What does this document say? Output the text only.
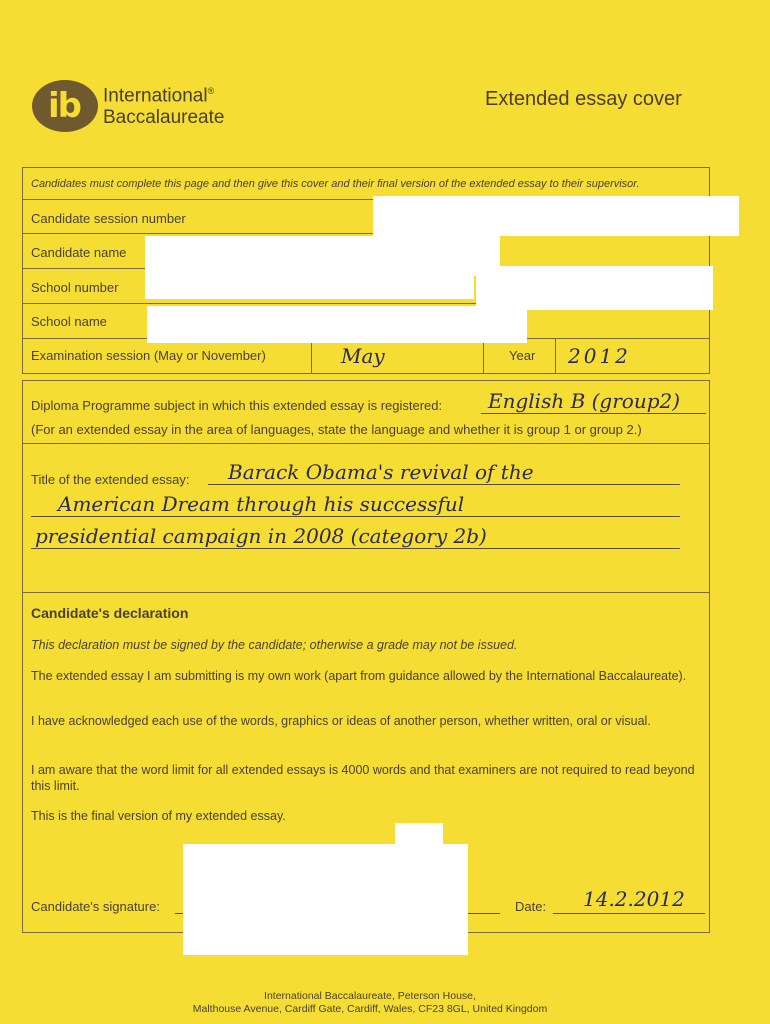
ib International®
Baccalaureate
Extended essay cover
Candidates must complete this page and then give this cover and their final version of the extended essay to their supervisor.
Candidate session number
Candidate name
School number
School name
Examination session (May or November)	May	Year 2012
Diploma Programme subject in which this extended essay is registered: English B (group2)
(For an extended essay in the area of languages, state the language and whether it is group 1 or group 2.)
Title of the extended essay: Barack Obama's revival of the
American Dream through his successful
presidential campaign in 2008 (category 2b)
Candidate's declaration
This declaration must be signed by the candidate; otherwise a grade may not be issued.
The extended essay I am submitting is my own work (apart from guidance allowed by the International Baccalaureate).
I have acknowledged each use of the words, graphics or ideas of another person, whether written, oral or visual.
I am aware that the word limit for all extended essays is 4000 words and that examiners are not required to read beyond this limit.
This is the final version of my extended essay.
Candidate's signature:	Date: 14.2.2012
International Baccalaureate, Peterson House,
Malthouse Avenue, Cardiff Gate, Cardiff, Wales, CF23 8GL, United Kingdom
